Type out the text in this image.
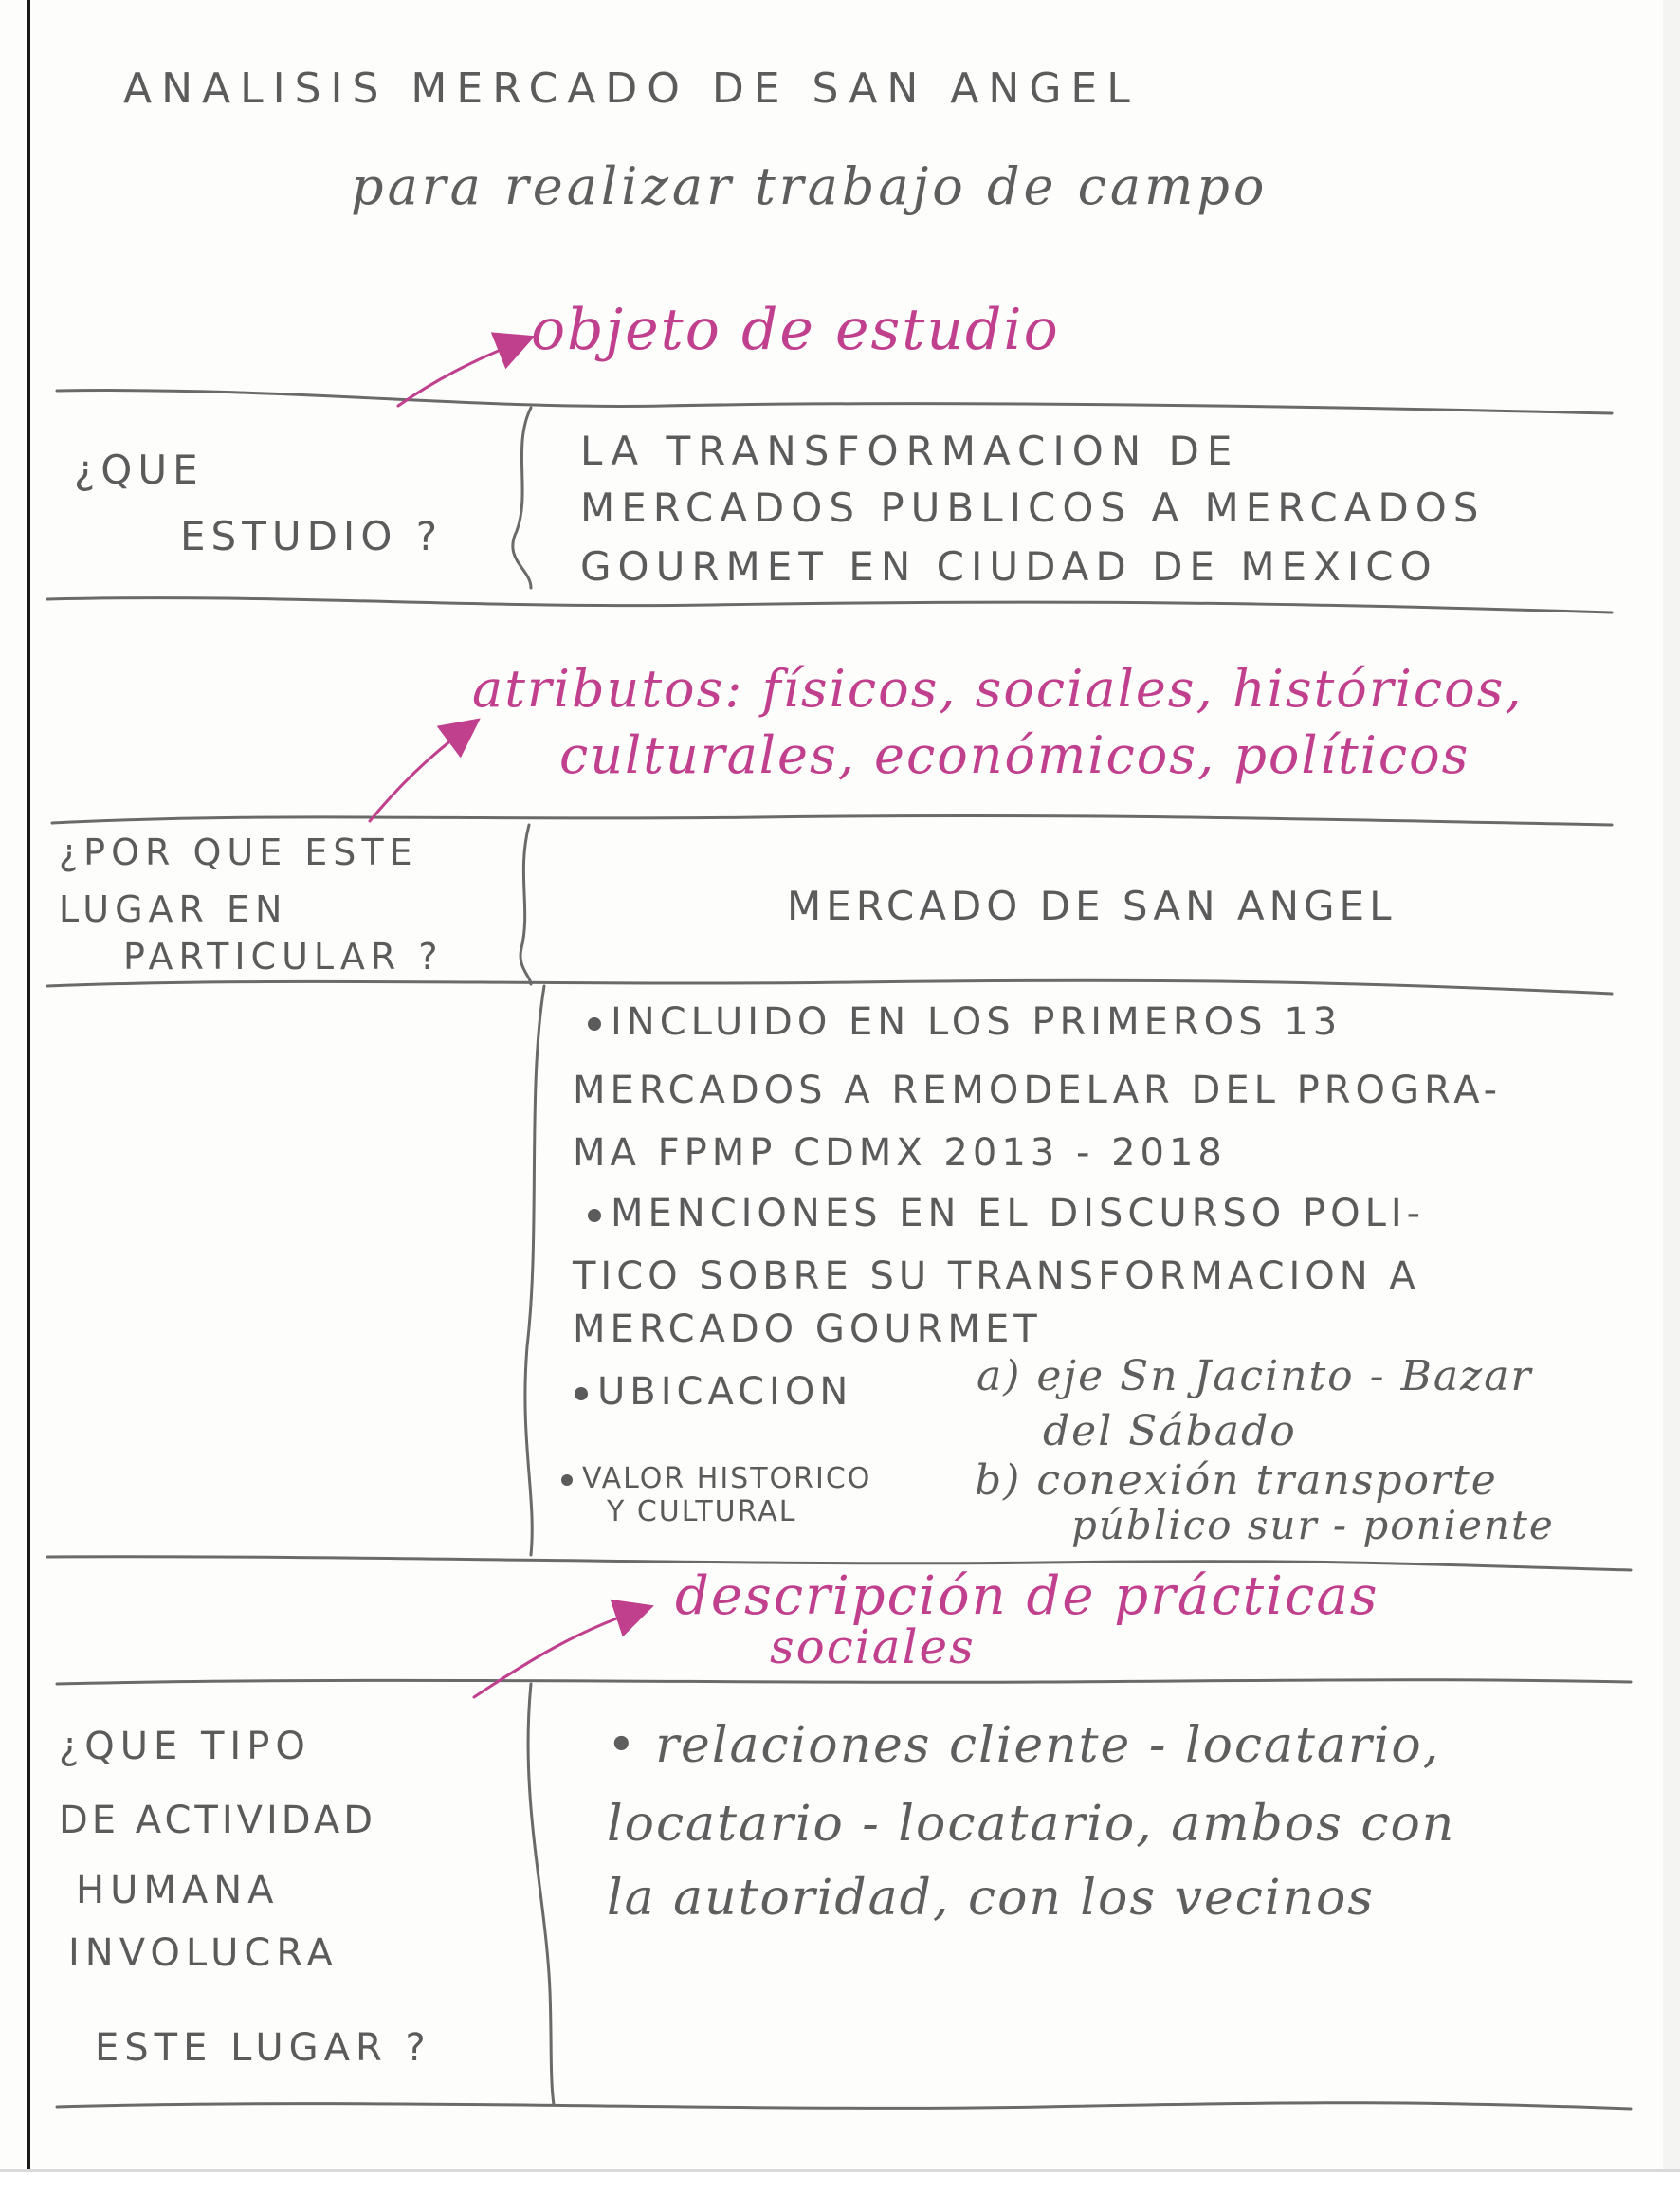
ANALISIS MERCADO DE SAN ANGEL
para realizar trabajo de campo
objeto de estudio
¿QUE
ESTUDIO ?
LA TRANSFORMACION DE
MERCADOS PUBLICOS A MERCADOS
GOURMET EN CIUDAD DE MEXICO
atributos: físicos, sociales, históricos,
culturales, económicos, políticos
¿POR QUE ESTE
LUGAR EN
PARTICULAR ?
MERCADO DE SAN ANGEL
INCLUIDO EN LOS PRIMEROS 13
MERCADOS A REMODELAR DEL PROGRA-
MA FPMP CDMX 2013 - 2018
MENCIONES EN EL DISCURSO POLI-
TICO SOBRE SU TRANSFORMACION A
MERCADO GOURMET
UBICACION	a) eje Sn Jacinto - Bazar
del Sábado
VALOR HISTORICO
Y CULTURAL
b) conexión transporte
público sur - poniente
descripción de prácticas
sociales
¿QUE TIPO
DE ACTIVIDAD
HUMANA
INVOLUCRA
ESTE LUGAR ?
• relaciones cliente - locatario,
locatario - locatario, ambos con
la autoridad, con los vecinos
